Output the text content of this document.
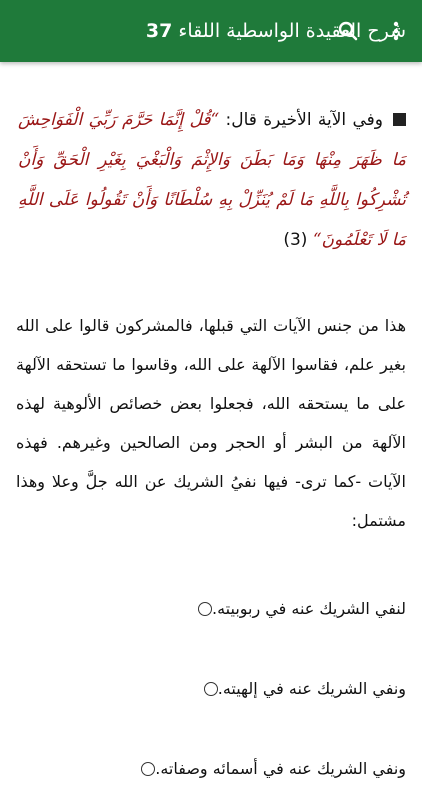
شرح العقيدة الواسطية اللقاء 37
وفي الآية الأخيرة قال: “قُلْ إِنَّمَا حَرَّمَ رَبِّيَ الْفَوَاحِشَ مَا ظَهَرَ مِنْهَا وَمَا بَطَنَ وَالإِثْمَ وَالْبَغْيَ بِغَيْرِ الْحَقِّ وَأَنْ تُشْرِكُوا بِاللَّهِ مَا لَمْ يُنَزِّلْ بِهِ سُلْطَانًا وَأَنْ تَقُولُوا عَلَى اللَّهِ مَا لَا تَعْلَمُونَ“ (3)
هذا من جنس الآيات التي قبلها، فالمشركون قالوا على الله بغير علم، فقاسوا الآلهة على الله، وقاسوا ما تستحقه الآلهة على ما يستحقه الله، فجعلوا بعض خصائص الألوهية لهذه الآلهة من البشر أو الحجر ومن الصالحين وغيرهم. فهذه الآيات -كما ترى- فيها نفيُ الشريك عن الله جلَّ وعلا وهذا مشتمل:
لنفي الشريك عنه في ربوبيته.
ونفي الشريك عنه في إلهيته.
ونفي الشريك عنه في أسمائه وصفاته.
